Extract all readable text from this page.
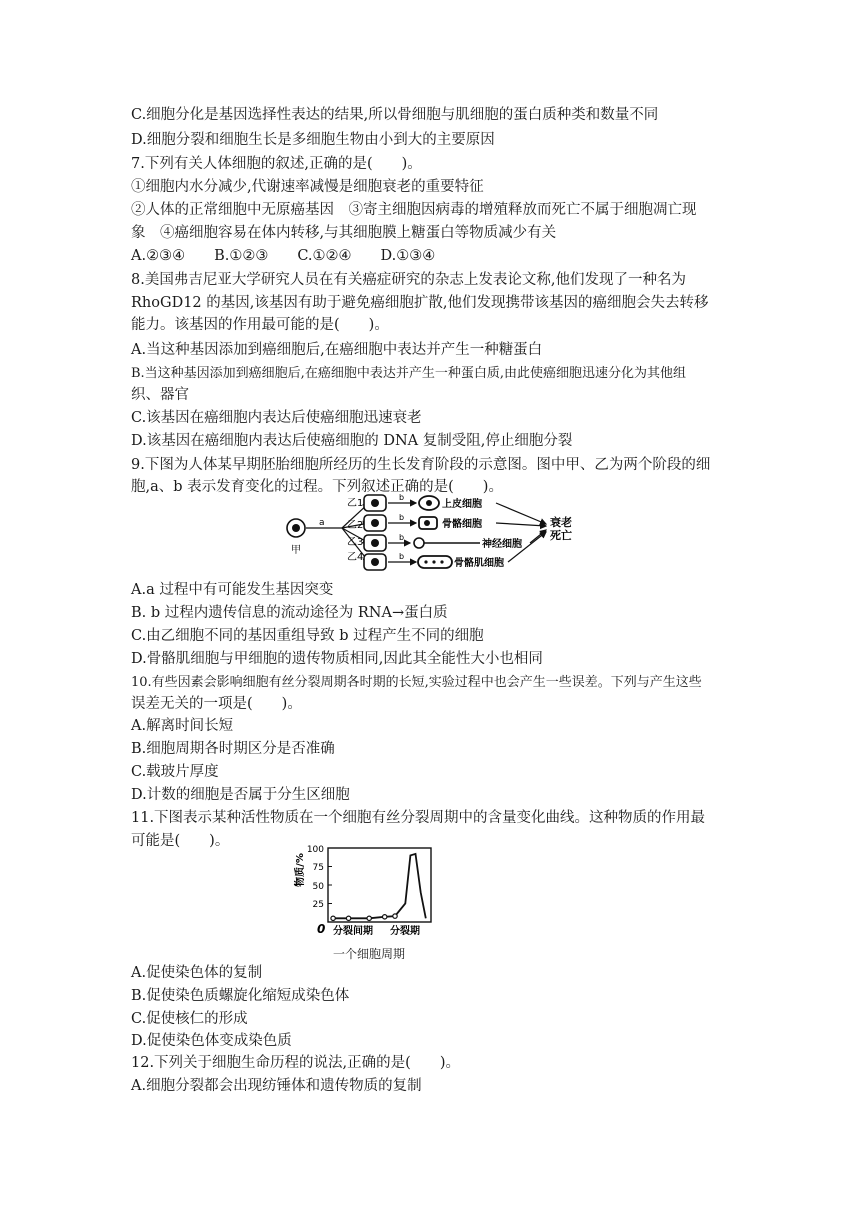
C.细胞分化是基因选择性表达的结果,所以骨细胞与肌细胞的蛋白质种类和数量不同
D.细胞分裂和细胞生长是多细胞生物由小到大的主要原因
7.下列有关人体细胞的叙述,正确的是(　　)。
①细胞内水分减少,代谢速率减慢是细胞衰老的重要特征
②人体的正常细胞中无原癌基因　③寄主细胞因病毒的增殖释放而死亡不属于细胞凋亡现
象　④癌细胞容易在体内转移,与其细胞膜上糖蛋白等物质减少有关
A.②③④　　B.①②③　　C.①②④　　D.①③④
8.美国弗吉尼亚大学研究人员在有关癌症研究的杂志上发表论文称,他们发现了一种名为
RhoGD12 的基因,该基因有助于避免癌细胞扩散,他们发现携带该基因的癌细胞会失去转移
能力。该基因的作用最可能的是(　　)。
A.当这种基因添加到癌细胞后,在癌细胞中表达并产生一种糖蛋白
B.当这种基因添加到癌细胞后,在癌细胞中表达并产生一种蛋白质,由此使癌细胞迅速分化为其他组
织、器官
C.该基因在癌细胞内表达后使癌细胞迅速衰老
D.该基因在癌细胞内表达后使癌细胞的 DNA 复制受阻,停止细胞分裂
9.下图为人体某早期胚胎细胞所经历的生长发育阶段的示意图。图中甲、乙为两个阶段的细
胞,a、b 表示发育变化的过程。下列叙述正确的是(　　)。
甲
a
乙1
乙2
乙3
乙4
b
b
b
b
上皮细胞
骨骼细胞
神经细胞
骨骼肌细胞
衰老
死亡
A.a 过程中有可能发生基因突变
B. b 过程内遗传信息的流动途径为 RNA→蛋白质
C.由乙细胞不同的基因重组导致 b 过程产生不同的细胞
D.骨骼肌细胞与甲细胞的遗传物质相同,因此其全能性大小也相同
10.有些因素会影响细胞有丝分裂周期各时期的长短,实验过程中也会产生一些误差。下列与产生这些
误差无关的一项是(　　)。
A.解离时间长短
B.细胞周期各时期区分是否准确
C.载玻片厚度
D.计数的细胞是否属于分生区细胞
11.下图表示某种活性物质在一个细胞有丝分裂周期中的含量变化曲线。这种物质的作用最
可能是(　　)。
物质/%
100
75
50
25
0 分裂间期 分裂期
一个细胞周期
A.促使染色体的复制
B.促使染色质螺旋化缩短成染色体
C.促使核仁的形成
D.促使染色体变成染色质
12.下列关于细胞生命历程的说法,正确的是(　　)。
A.细胞分裂都会出现纺锤体和遗传物质的复制
